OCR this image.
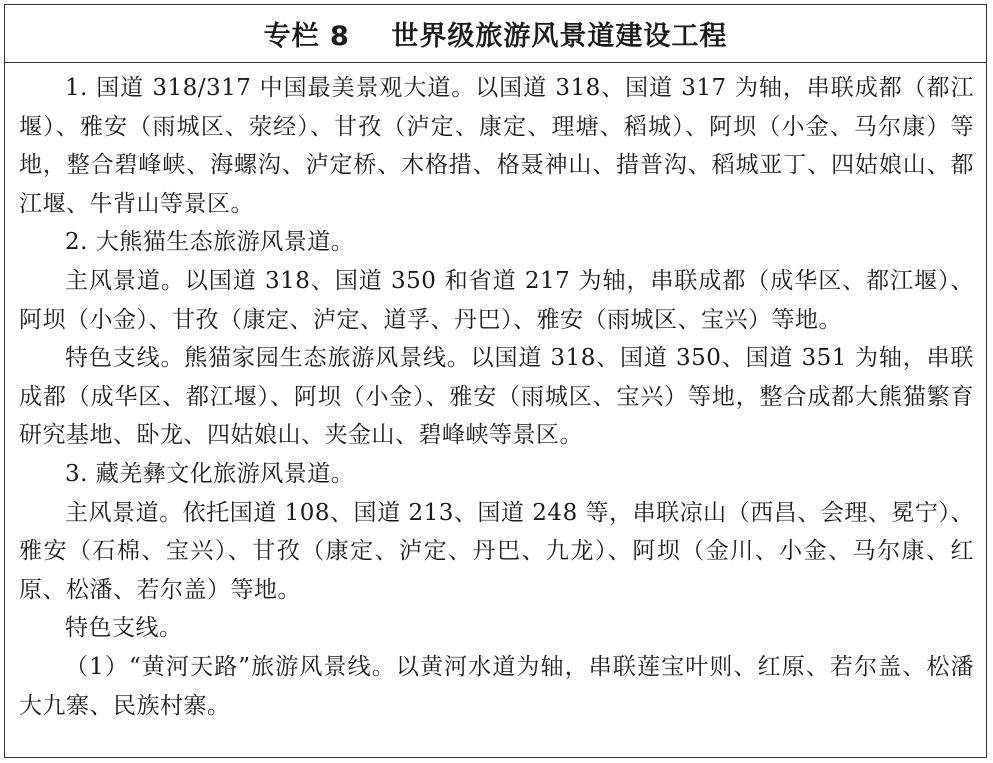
专栏 8    世界级旅游风景道建设工程

1. 国道 318/317 中国最美景观大道。以国道 318、国道 317 为轴，串联成都（都江堰）、雅安（雨城区、荥经）、甘孜（泸定、康定、理塘、稻城）、阿坝（小金、马尔康）等地，整合碧峰峡、海螺沟、泸定桥、木格措、格聂神山、措普沟、稻城亚丁、四姑娘山、都江堰、牛背山等景区。

2. 大熊猫生态旅游风景道。

主风景道。以国道 318、国道 350 和省道 217 为轴，串联成都（成华区、都江堰）、阿坝（小金）、甘孜（康定、泸定、道孚、丹巴）、雅安（雨城区、宝兴）等地。

特色支线。熊猫家园生态旅游风景线。以国道 318、国道 350、国道 351 为轴，串联成都（成华区、都江堰）、阿坝（小金）、雅安（雨城区、宝兴）等地，整合成都大熊猫繁育研究基地、卧龙、四姑娘山、夹金山、碧峰峡等景区。

3. 藏羌彝文化旅游风景道。

主风景道。依托国道 108、国道 213、国道 248 等，串联凉山（西昌、会理、冕宁）、雅安（石棉、宝兴）、甘孜（康定、泸定、丹巴、九龙）、阿坝（金川、小金、马尔康、红原、松潘、若尔盖）等地。

特色支线。

（1）“黄河天路”旅游风景线。以黄河水道为轴，串联莲宝叶则、红原、若尔盖、松潘大九寨、民族村寨。
